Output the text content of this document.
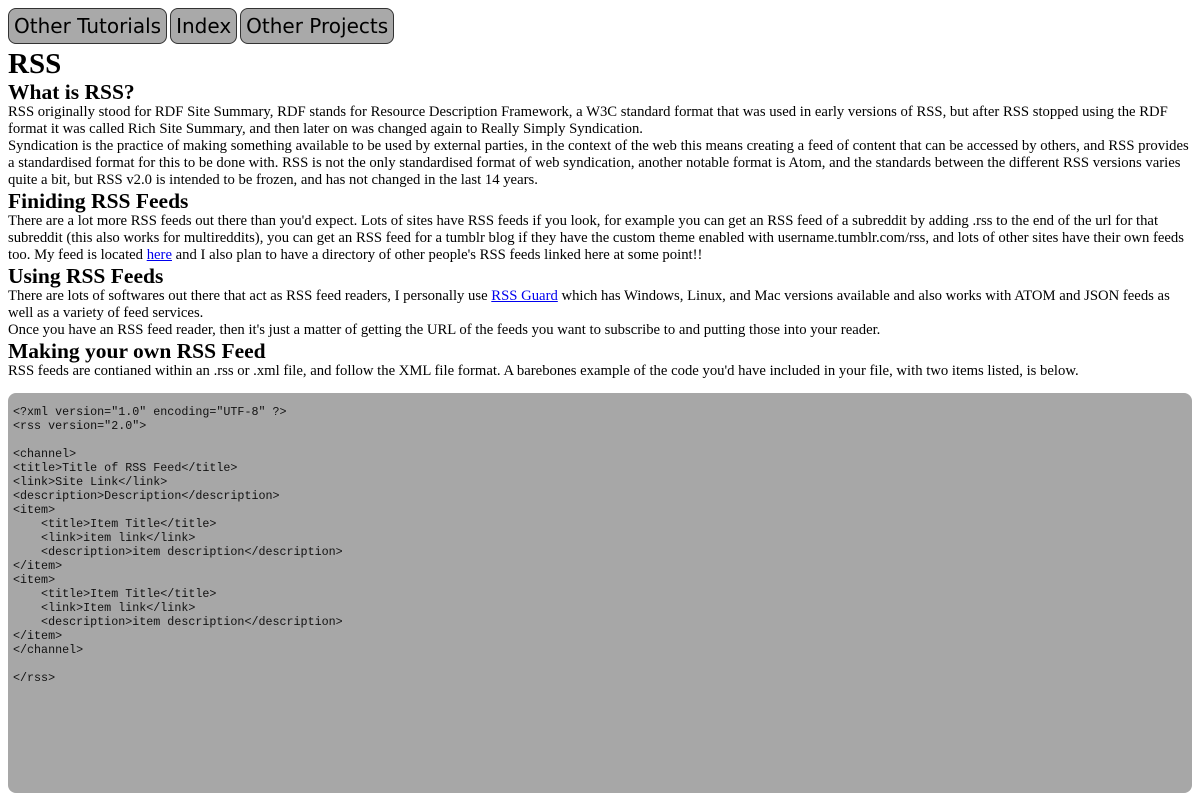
Other Tutorials Index Other Projects
RSS
What is RSS?

RSS originally stood for RDF Site Summary, RDF stands for Resource Description Framework, a W3C standard format that was used in early versions of RSS, but after RSS stopped using the RDF format it was called Rich Site Summary, and then later on was changed again to Really Simply Syndication.

Syndication is the practice of making something available to be used by external parties, in the context of the web this means creating a feed of content that can be accessed by others, and RSS provides a standardised format for this to be done with. RSS is not the only standardised format of web syndication, another notable format is Atom, and the standards between the different RSS versions varies quite a bit, but RSS v2.0 is intended to be frozen, and has not changed in the last 14 years.

Finiding RSS Feeds

There are a lot more RSS feeds out there than you'd expect. Lots of sites have RSS feeds if you look, for example you can get an RSS feed of a subreddit by adding .rss to the end of the url for that subreddit (this also works for multireddits), you can get an RSS feed for a tumblr blog if they have the custom theme enabled with username.tumblr.com/rss, and lots of other sites have their own feeds too. My feed is located here and I also plan to have a directory of other people's RSS feeds linked here at some point!!

Using RSS Feeds

There are lots of softwares out there that act as RSS feed readers, I personally use RSS Guard which has Windows, Linux, and Mac versions available and also works with ATOM and JSON feeds as well as a variety of feed services.

Once you have an RSS feed reader, then it's just a matter of getting the URL of the feeds you want to subscribe to and putting those into your reader.

Making your own RSS Feed

RSS feeds are contianed within an .rss or .xml file, and follow the XML file format. A barebones example of the code you'd have included in your file, with two items listed, is below.

<?xml version="1.0" encoding="UTF-8" ?>
<rss version="2.0">

<channel>
<title>Title of RSS Feed</title>
<link>Site Link</link>
<description>Description</description>
<item>
<title>Item Title</title>
<link>item link</link>
<description>item description</description>
</item>
<item>
<title>Item Title</title>
<link>Item link</link>
<description>item description</description>
</item>
</channel>

</rss>
